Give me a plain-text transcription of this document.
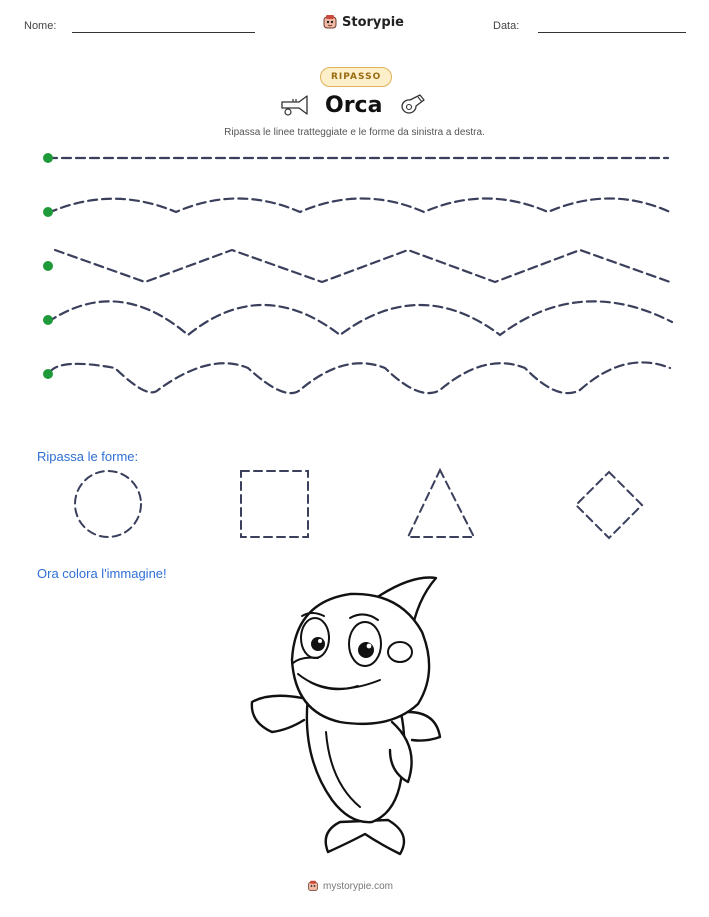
Nome:	Storypie	Data:
RIPASSO
Orca
Ripassa le linee tratteggiate e le forme da sinistra a destra.
Ripassa le forme:
Ora colora l'immagine!
mystorypie.com
